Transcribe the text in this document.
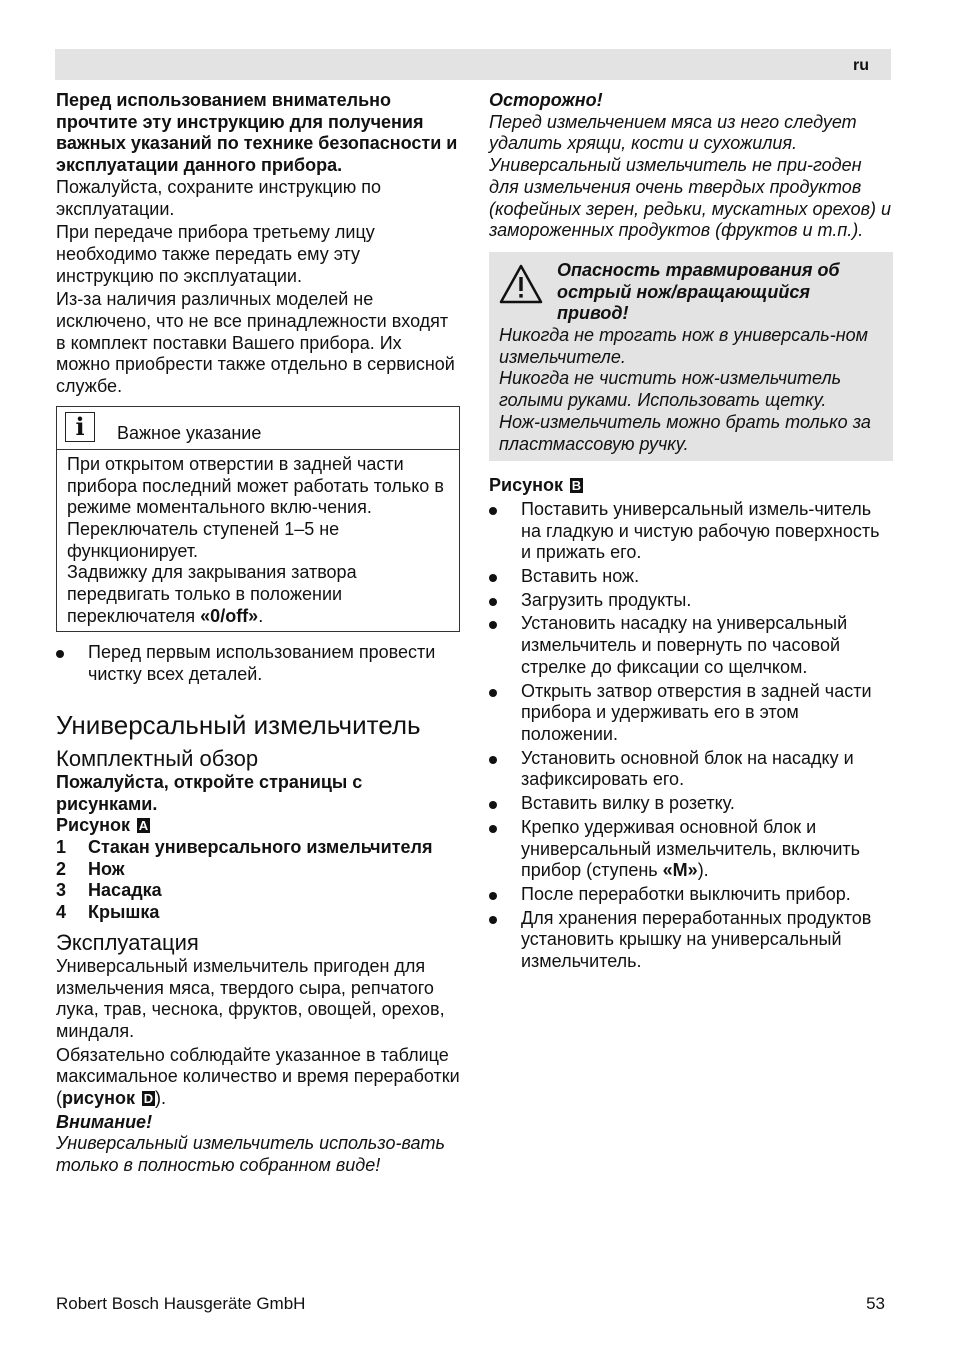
ru

Перед использованием внимательно прочтите эту инструкцию для получения важных указаний по технике безопасности и эксплуатации данного прибора.

Пожалуйста, сохраните инструкцию по эксплуатации.

При передаче прибора третьему лицу необходимо также передать ему эту инструкцию по эксплуатации.

Из-за наличия различных моделей не исключено, что не все принадлежности входят в комплект поставки Вашего прибора. Их можно приобрести также отдельно в сервисной службе.

i	Важное указание

При открытом отверстии в задней части прибора последний может работать только в режиме моментального вклю-чения. Переключатель ступеней 1–5 не функционирует.

Задвижку для закрывания затвора передвигать только в положении переключателя «0/off».

Перед первым использованием провести чистку всех деталей.
Универсальный измельчитель
Комплектный обзор

Пожалуйста, откройте страницы с рисунками.

Рисунок A

1 Стакан универсального измельчителя
2 Нож
3 Насадка
4 Крышка
Эксплуатация

Универсальный измельчитель пригоден для измельчения мяса, твердого сыра, репчатого лука, трав, чеснока, фруктов, овощей, орехов, миндаля.

Обязательно соблюдайте указанное в таблице максимальное количество и время переработки (рисунок D ).

Внимание!

Универсальный измельчитель использо-вать только в полностью собранном виде!

Осторожно!

Перед измельчением мяса из него следует удалить хрящи, кости и сухожилия.

Универсальный измельчитель не при-годен для измельчения очень твердых продуктов (кофейных зерен, редьки, мускатных орехов) и замороженных продуктов (фруктов и т.п.).

Опасность травмирования об острый нож/вращающийся привод!

Никогда не трогать нож в универсаль-ном измельчителе.

Никогда не чистить нож-измельчитель голыми руками. Использовать щетку.

Нож-измельчитель можно брать только за пластмассовую ручку.

Рисунок B

Поставить универсальный измель-читель на гладкую и чистую рабочую поверхность и прижать его.
Вставить нож.
Загрузить продукты.
Установить насадку на универсальный измельчитель и повернуть по часовой стрелке до фиксации со щелчком.
Открыть затвор отверстия в задней части прибора и удерживать его в этом положении.
Установить основной блок на насадку и зафиксировать его.
Вставить вилку в розетку.
Крепко удерживая основной блок и универсальный измельчитель, включить прибор (ступень «M»).
После переработки выключить прибор.
Для хранения переработанных продуктов установить крышку на универсальный измельчитель.
Robert Bosch Hausgeräte GmbH	53
